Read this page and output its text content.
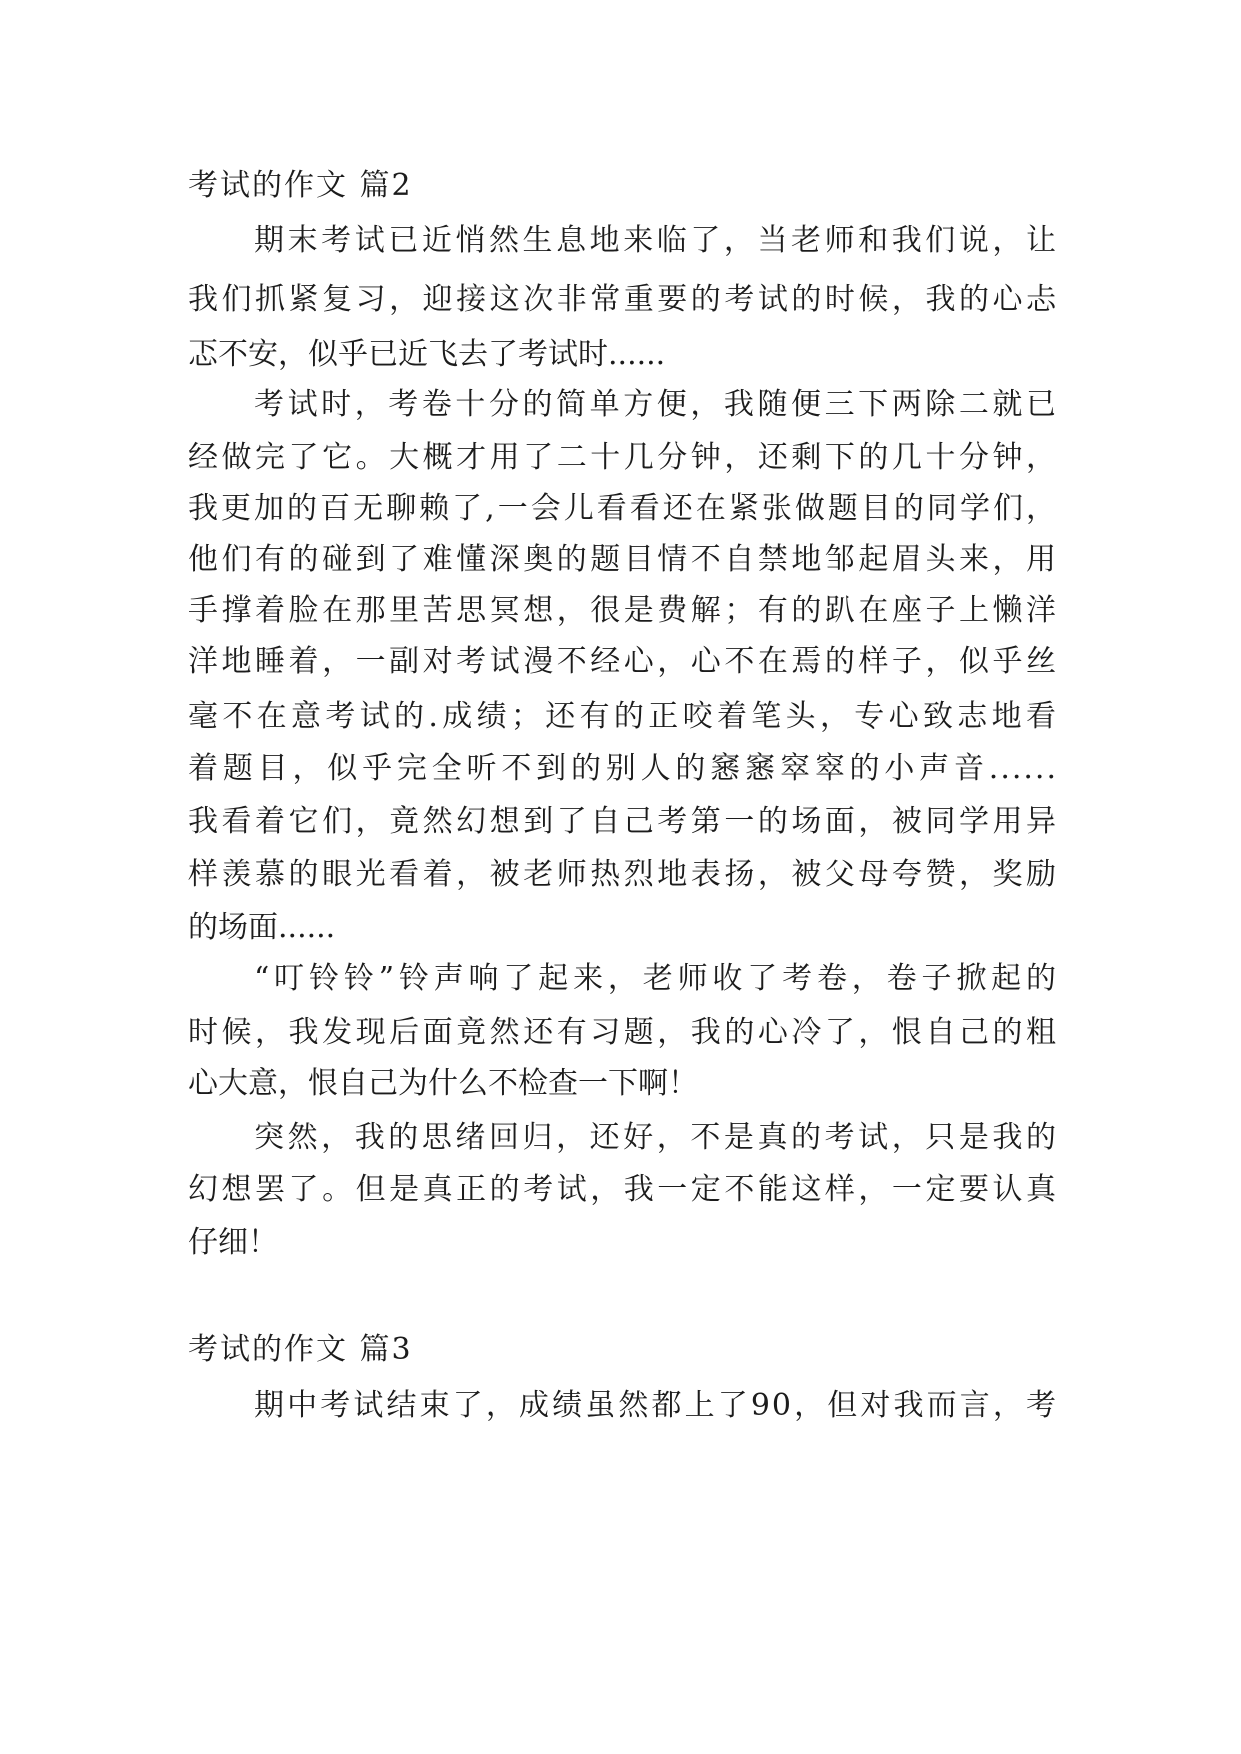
考试的作文 篇2
期末考试已近悄然生息地来临了，当老师和我们说，让
我们抓紧复习，迎接这次非常重要的考试的时候，我的心忐
忑不安，似乎已近飞去了考试时......
考试时，考卷十分的简单方便，我随便三下两除二就已
经做完了它。大概才用了二十几分钟，还剩下的几十分钟，
我更加的百无聊赖了,一会儿看看还在紧张做题目的同学们，
他们有的碰到了难懂深奥的题目情不自禁地邹起眉头来，用
手撑着脸在那里苦思冥想，很是费解；有的趴在座子上懒洋
洋地睡着，一副对考试漫不经心，心不在焉的样子，似乎丝
毫不在意考试的.成绩；还有的正咬着笔头，专心致志地看
着题目，似乎完全听不到的别人的窸窸窣窣的小声音......
我看着它们，竟然幻想到了自己考第一的场面，被同学用异
样羡慕的眼光看着，被老师热烈地表扬，被父母夸赞，奖励
的场面......
“叮铃铃”铃声响了起来，老师收了考卷，卷子掀起的
时候，我发现后面竟然还有习题，我的心冷了，恨自己的粗
心大意，恨自己为什么不检查一下啊！
突然，我的思绪回归，还好，不是真的考试，只是我的
幻想罢了。但是真正的考试，我一定不能这样，一定要认真
仔细！
考试的作文 篇3
期中考试结束了，成绩虽然都上了90，但对我而言，考
